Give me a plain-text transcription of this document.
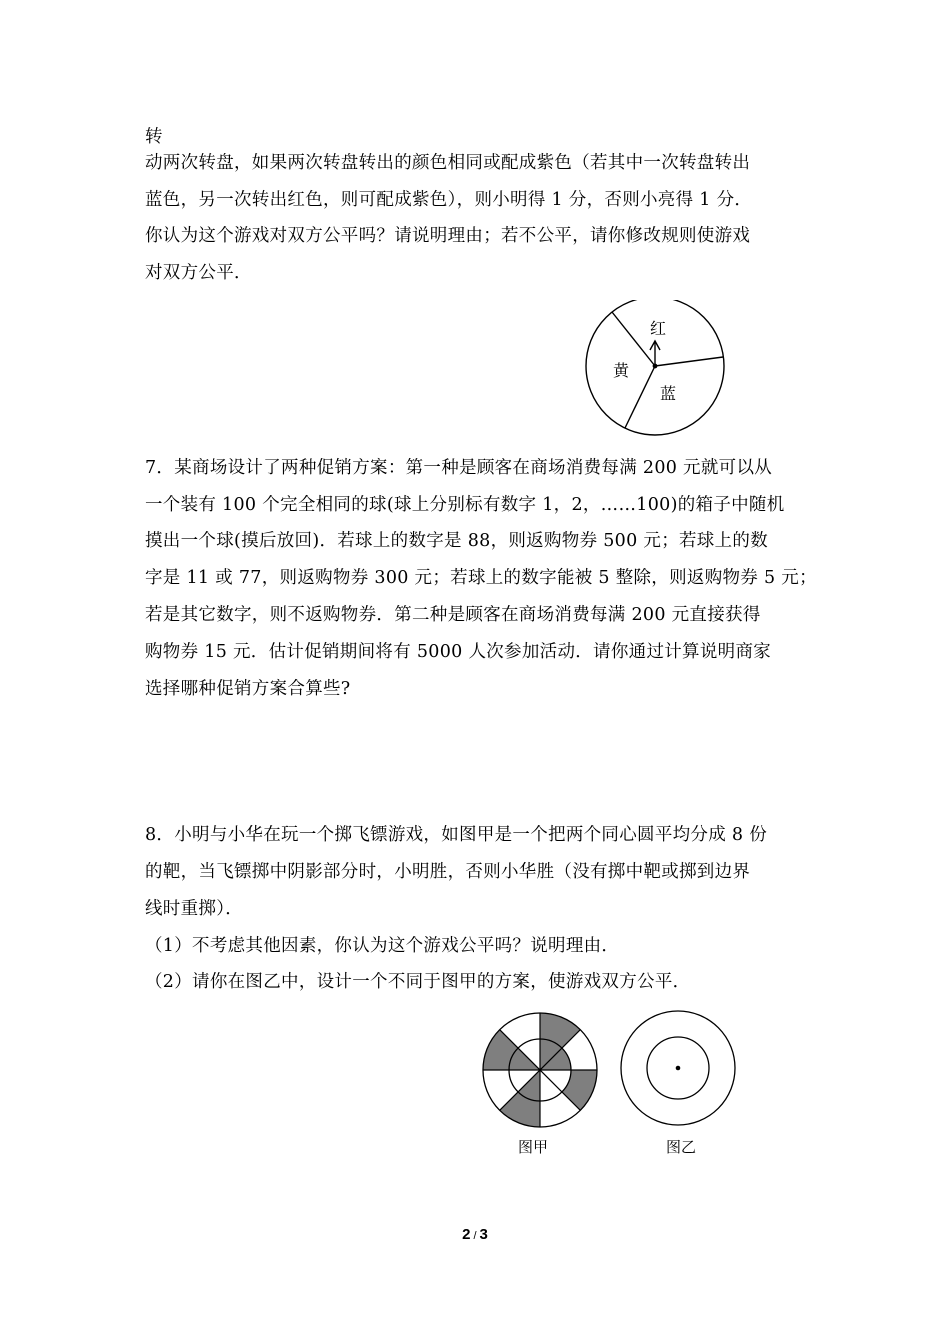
转
动两次转盘，如果两次转盘转出的颜色相同或配成紫色（若其中一次转盘转出
蓝色，另一次转出红色，则可配成紫色），则小明得 1 分，否则小亮得 1 分．
你认为这个游戏对双方公平吗？请说明理由；若不公平，请你修改规则使游戏
对双方公平．
红
黄
蓝
7．某商场设计了两种促销方案：第一种是顾客在商场消费每满 200 元就可以从
一个装有 100 个完全相同的球(球上分别标有数字 1，2，……100)的箱子中随机
摸出一个球(摸后放回)．若球上的数字是 88，则返购物券 500 元；若球上的数
字是 11 或 77，则返购物券 300 元；若球上的数字能被 5 整除，则返购物券 5 元；
若是其它数字，则不返购物券．第二种是顾客在商场消费每满 200 元直接获得
购物券 15 元．估计促销期间将有 5000 人次参加活动．请你通过计算说明商家
选择哪种促销方案合算些?
8．小明与小华在玩一个掷飞镖游戏，如图甲是一个把两个同心圆平均分成 8 份
的靶，当飞镖掷中阴影部分时，小明胜，否则小华胜（没有掷中靶或掷到边界
线时重掷）．
（1）不考虑其他因素，你认为这个游戏公平吗？说明理由．
（2）请你在图乙中，设计一个不同于图甲的方案，使游戏双方公平．
图甲	图乙
2 / 3
